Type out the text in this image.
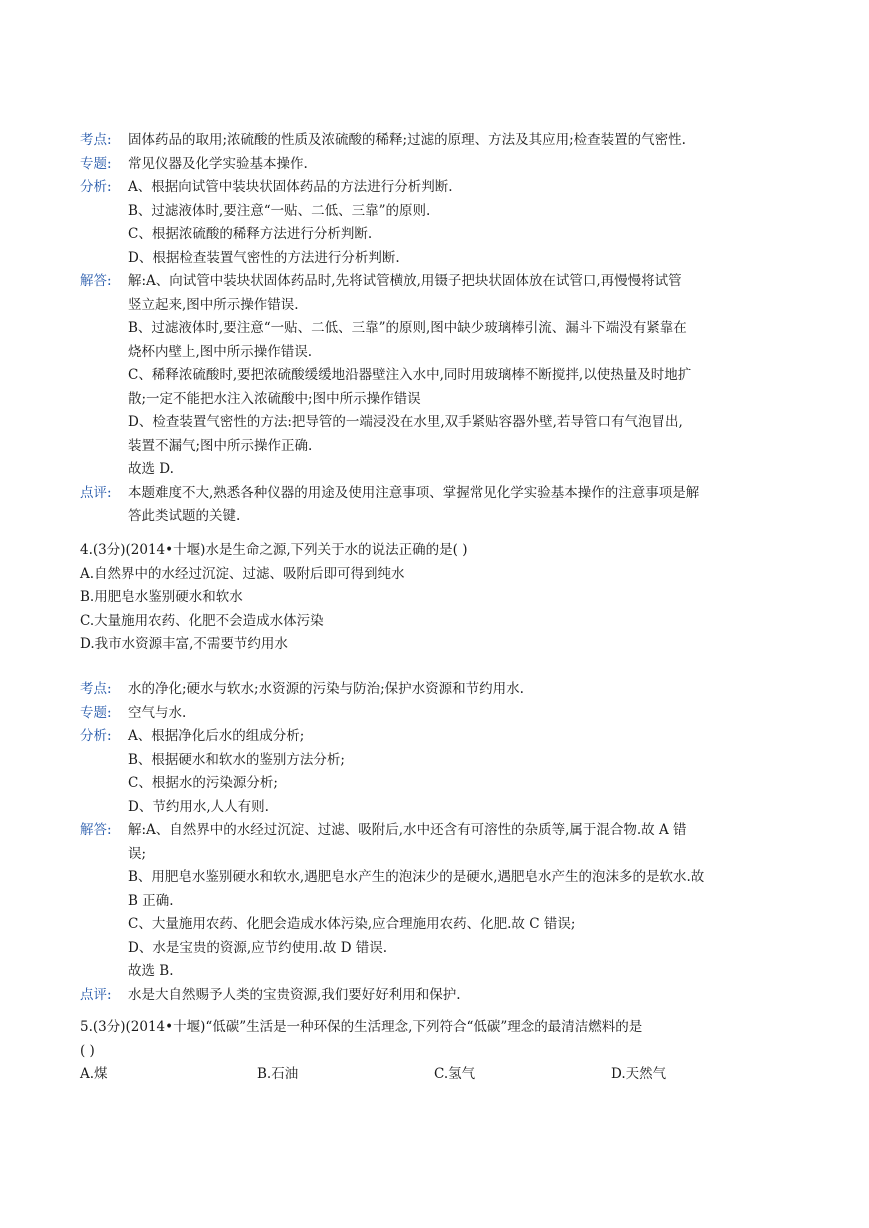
考点:	固体药品的取用;浓硫酸的性质及浓硫酸的稀释;过滤的原理、方法及其应用;检查装置的气密性.

专题:	常见仪器及化学实验基本操作.

分析:	A、根据向试管中装块状固体药品的方法进行分析判断.

B、过滤液体时,要注意“一贴、二低、三靠”的原则.

C、根据浓硫酸的稀释方法进行分析判断.

D、根据检查装置气密性的方法进行分析判断.

解答:	解:A、向试管中装块状固体药品时,先将试管横放,用镊子把块状固体放在试管口,再慢慢将试管

竖立起来,图中所示操作错误.

B、过滤液体时,要注意“一贴、二低、三靠”的原则,图中缺少玻璃棒引流、漏斗下端没有紧靠在

烧杯内壁上,图中所示操作错误.

C、稀释浓硫酸时,要把浓硫酸缓缓地沿器壁注入水中,同时用玻璃棒不断搅拌,以使热量及时地扩

散;一定不能把水注入浓硫酸中;图中所示操作错误

D、检查装置气密性的方法:把导管的一端浸没在水里,双手紧贴容器外壁,若导管口有气泡冒出,

装置不漏气;图中所示操作正确.

故选 D.

点评:	本题难度不大,熟悉各种仪器的用途及使用注意事项、掌握常见化学实验基本操作的注意事项是解

答此类试题的关键.

4.(3分)(2014•十堰)水是生命之源,下列关于水的说法正确的是( )

A.自然界中的水经过沉淀、过滤、吸附后即可得到纯水

B.用肥皂水鉴别硬水和软水

C.大量施用农药、化肥不会造成水体污染

D.我市水资源丰富,不需要节约用水

考点:	水的净化;硬水与软水;水资源的污染与防治;保护水资源和节约用水.

专题:	空气与水.

分析:	A、根据净化后水的组成分析;

B、根据硬水和软水的鉴别方法分析;

C、根据水的污染源分析;

D、节约用水,人人有则.

解答:	解:A、自然界中的水经过沉淀、过滤、吸附后,水中还含有可溶性的杂质等,属于混合物.故 A 错

误;

B、用肥皂水鉴别硬水和软水,遇肥皂水产生的泡沫少的是硬水,遇肥皂水产生的泡沫多的是软水.故

B 正确.

C、大量施用农药、化肥会造成水体污染,应合理施用农药、化肥.故 C 错误;

D、水是宝贵的资源,应节约使用.故 D 错误.

故选 B.

点评:	水是大自然赐予人类的宝贵资源,我们要好好利用和保护.

5.(3分)(2014•十堰)“低碳”生活是一种环保的生活理念,下列符合“低碳”理念的最清洁燃料的是

( )

A.煤	B.石油	C.氢气	D.天然气
